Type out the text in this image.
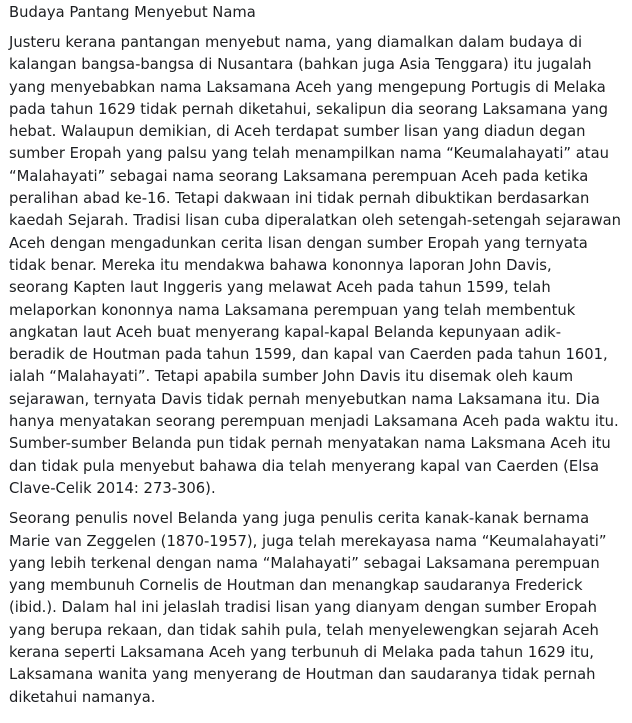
Budaya Pantang Menyebut Nama

Justeru kerana pantangan menyebut nama, yang diamalkan dalam budaya di
kalangan bangsa-bangsa di Nusantara (bahkan juga Asia Tenggara) itu jugalah
yang menyebabkan nama Laksamana Aceh yang mengepung Portugis di Melaka
pada tahun 1629 tidak pernah diketahui, sekalipun dia seorang Laksamana yang
hebat. Walaupun demikian, di Aceh terdapat sumber lisan yang diadun degan
sumber Eropah yang palsu yang telah menampilkan nama “Keumalahayati” atau
“Malahayati” sebagai nama seorang Laksamana perempuan Aceh pada ketika
peralihan abad ke-16. Tetapi dakwaan ini tidak pernah dibuktikan berdasarkan
kaedah Sejarah. Tradisi lisan cuba diperalatkan oleh setengah-setengah sejarawan
Aceh dengan mengadunkan cerita lisan dengan sumber Eropah yang ternyata
tidak benar. Mereka itu mendakwa bahawa kononnya laporan John Davis,
seorang Kapten laut Inggeris yang melawat Aceh pada tahun 1599, telah
melaporkan kononnya nama Laksamana perempuan yang telah membentuk
angkatan laut Aceh buat menyerang kapal-kapal Belanda kepunyaan adik-
beradik de Houtman pada tahun 1599, dan kapal van Caerden pada tahun 1601,
ialah “Malahayati”. Tetapi apabila sumber John Davis itu disemak oleh kaum
sejarawan, ternyata Davis tidak pernah menyebutkan nama Laksamana itu. Dia
hanya menyatakan seorang perempuan menjadi Laksamana Aceh pada waktu itu.
Sumber-sumber Belanda pun tidak pernah menyatakan nama Laksmana Aceh itu
dan tidak pula menyebut bahawa dia telah menyerang kapal van Caerden (Elsa
Clave-Celik 2014: 273-306).

Seorang penulis novel Belanda yang juga penulis cerita kanak-kanak bernama
Marie van Zeggelen (1870-1957), juga telah merekayasa nama “Keumalahayati”
yang lebih terkenal dengan nama “Malahayati” sebagai Laksamana perempuan
yang membunuh Cornelis de Houtman dan menangkap saudaranya Frederick
(ibid.). Dalam hal ini jelaslah tradisi lisan yang dianyam dengan sumber Eropah
yang berupa rekaan, dan tidak sahih pula, telah menyelewengkan sejarah Aceh
kerana seperti Laksamana Aceh yang terbunuh di Melaka pada tahun 1629 itu,
Laksamana wanita yang menyerang de Houtman dan saudaranya tidak pernah
diketahui namanya.
